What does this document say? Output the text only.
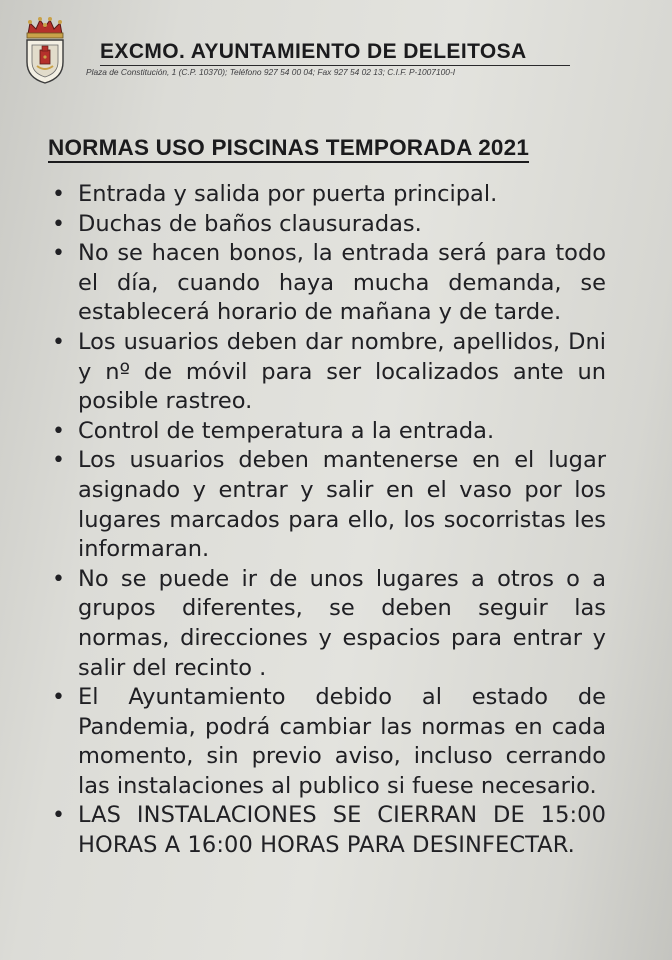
EXCMO. AYUNTAMIENTO DE DELEITOSA
Plaza de Constitución, 1 (C.P. 10370); Teléfono 927 54 00 04; Fax 927 54 02 13; C.I.F. P-1007100-I
NORMAS USO PISCINAS TEMPORADA 2021
• Entrada y salida por puerta principal.
• Duchas de baños clausuradas.
• No se hacen bonos, la entrada será para todo el día, cuando haya mucha demanda, se establecerá horario de mañana y de tarde.
• Los usuarios deben dar nombre, apellidos, Dni y nº de móvil para ser localizados ante un posible rastreo.
• Control de temperatura a la entrada.
• Los usuarios deben mantenerse en el lugar asignado y entrar y salir en el vaso por los lugares marcados para ello, los socorristas les informaran.
• No se puede ir de unos lugares a otros o a grupos diferentes, se deben seguir las normas, direcciones y espacios para entrar y salir del recinto .
• El Ayuntamiento debido al estado de Pandemia, podrá cambiar las normas en cada momento, sin previo aviso, incluso cerrando las instalaciones al publico si fuese necesario.
• LAS INSTALACIONES SE CIERRAN DE 15:00 HORAS A 16:00 HORAS PARA DESINFECTAR.
